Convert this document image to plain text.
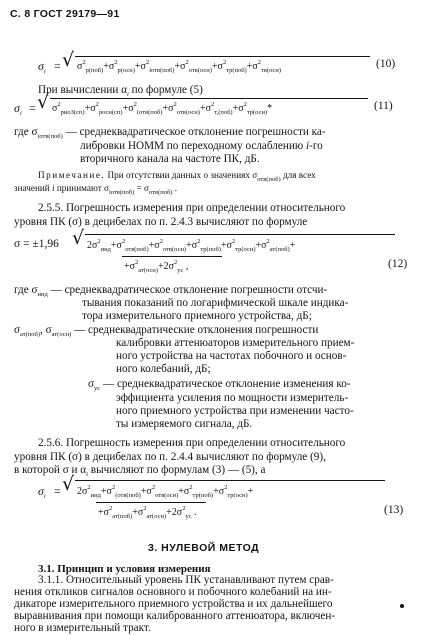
С. 8 ГОСТ 29179—91
$\sigma_i$ = √ $\sigma^2_{р(поб)}+\sigma^2_{р(осн)}+\sigma^2_{iотв(поб)}+\sigma^2_{отв(осн)}+\sigma^2_{тр(поб)}+\sigma^2_{тв(осн)}$
(10)
При вычислении $\alpha_i$ по формуле (5)
$\sigma_i$ = √ $\sigma^2_{риоЗ(сп)}+\sigma^2_{росн(сп)}+\sigma^2_{(отв(поб)}+\sigma^2_{отв(осн)}+\sigma^2_{т,(поб)}+\sigma^2_{тр(осн)}*$	(11)
где $\sigma_{iотв(поб)}$ — среднеквадратическое отклонение погрешности ка-
либровки НОММ по переходному ослаблению i-го
вторичного канала на частоте ПК, дБ.
Примечание. При отсутствии данных о значениях $\sigma_{отв(поб)}$ для всех
значений i принимают $\sigma_{iотв(поб)} = \sigma_{отв(поб)}$ .
2.5.5. Погрешность измерения при определении относительного
уровня ПК (σ) в децибелах по п. 2.4.3 вычисляют по формуле
σ = ±1,96 √ $2\sigma^2_{инд}+\sigma^2_{отв(поб)}+\sigma^2_{отв(осн)}+\sigma^2_{тр(поб)}+\sigma^2_{тр(осн)}+\sigma^2_{ат(поб)}+$
$+\sigma^2_{ат(осн)}+2\sigma^2_{ус}$ ,	(12)
где $\sigma_{инд}$ — среднеквадратическое отклонение погрешности отсчи-
тывания показаний по логарифмической шкале индика-
тора измерительного приемного устройства, дБ;
$\sigma_{ат(поб)}$, $\sigma_{ат(осн)}$ — среднеквадратические отклонения погрешности
калибровки аттенюаторов измерительного прием-
ного устройства на частотах побочного и основ-
ного колебаний, дБ;
$\sigma_{ус}$ — среднеквадратическое отклонение изменения ко-
эффициента усиления по мощности измеритель-
ного приемного устройства при изменении часто-
ты измеряемого сигнала, дБ.
2.5.6. Погрешность измерения при определении относительного
уровня ПК (σ) в децибелах по п. 2.4.4 вычисляют по формуле (9),
в которой σ и $\alpha_i$ вычисляют по формулам (3) — (5), а
$\sigma_i$ = √ $2\sigma^2_{инд}+\sigma^2_{(отв(поб)}+\sigma^2_{отв(осн)}+\sigma^2_{тр(поб)}+\sigma^2_{тр(осн)}+$
$+\sigma^2_{ат(поб)}+\sigma^2_{ат(осн)}+2\sigma^2_{ус}$ .	(13)
3. НУЛЕВОЙ МЕТОД
3.1. Принцип и условия измерения
3.1.1. Относительный уровень ПК устанавливают путем срав-
нения откликов сигналов основного и побочного колебаний на ин-
дикаторе измерительного приемного устройства и их дальнейшего
выравнивания при помощи калиброванного аттенюатора, включен-
ного в измерительный тракт.
